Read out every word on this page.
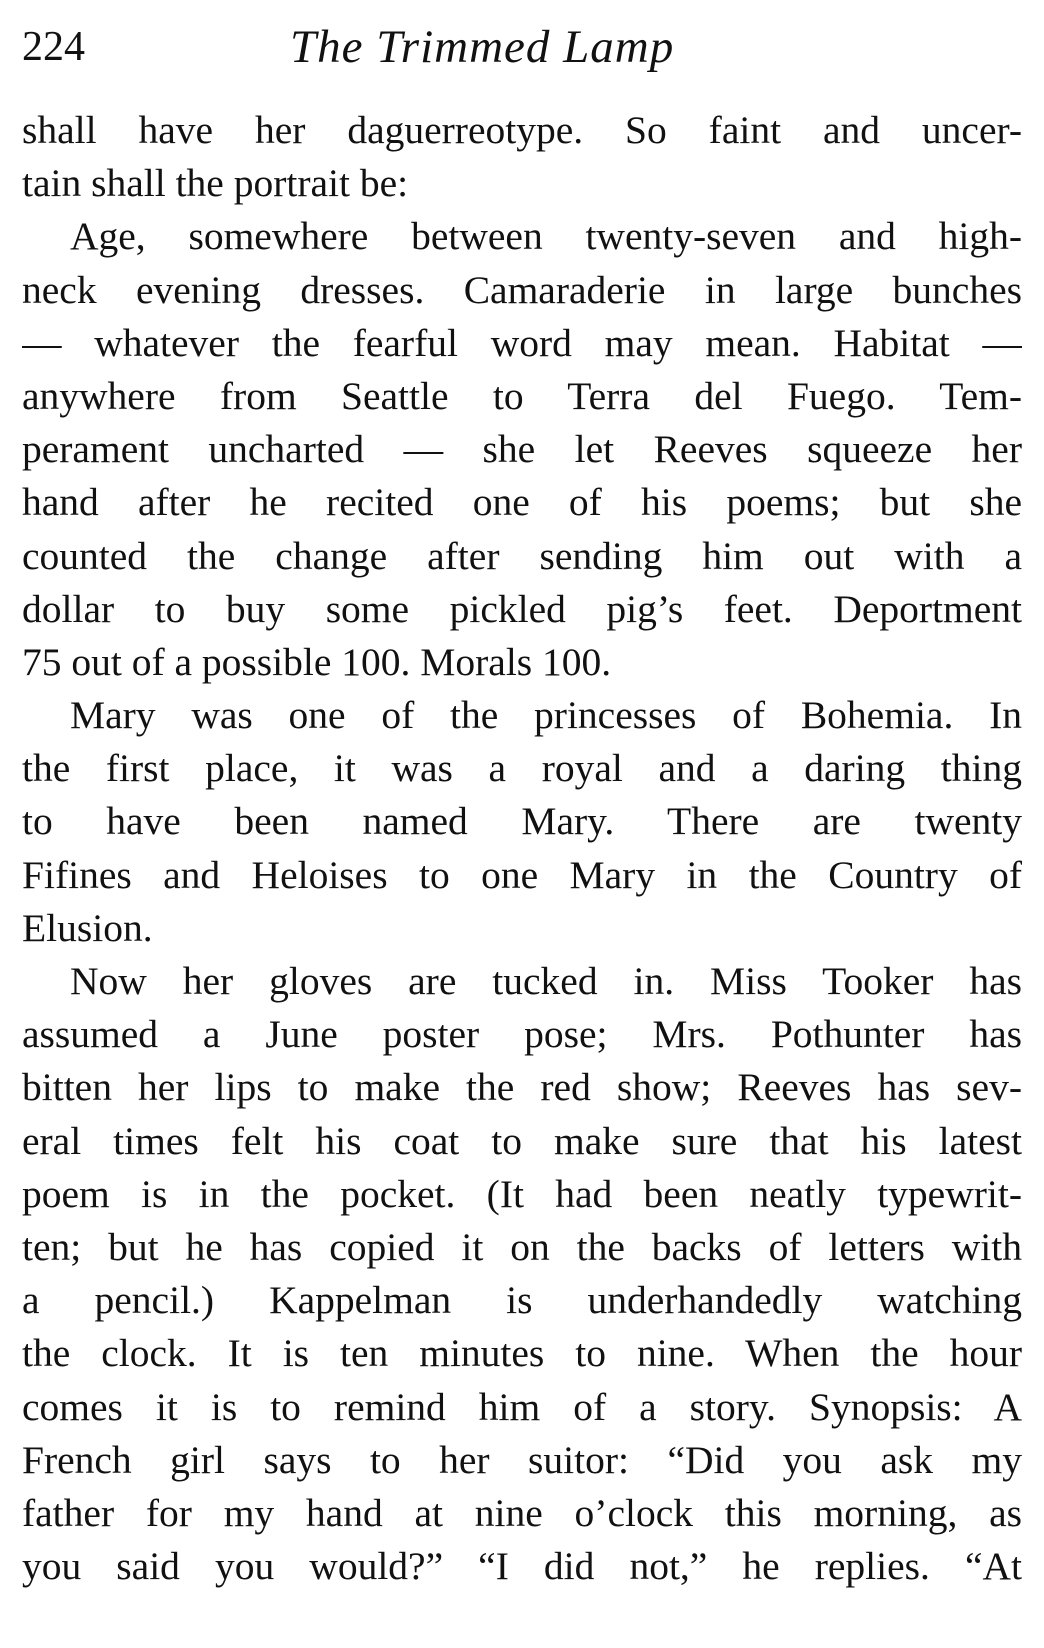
224	The Trimmed Lamp
shall have her daguerreotype. So faint and uncer-
tain shall the portrait be:
Age, somewhere between twenty-seven and high-
neck evening dresses. Camaraderie in large bunches
— whatever the fearful word may mean. Habitat —
anywhere from Seattle to Terra del Fuego. Tem-
perament uncharted — she let Reeves squeeze her
hand after he recited one of his poems; but she
counted the change after sending him out with a
dollar to buy some pickled pig’s feet. Deportment
75 out of a possible 100. Morals 100.
Mary was one of the princesses of Bohemia. In
the first place, it was a royal and a daring thing
to have been named Mary. There are twenty
Fifines and Heloises to one Mary in the Country of
Elusion.
Now her gloves are tucked in. Miss Tooker has
assumed a June poster pose; Mrs. Pothunter has
bitten her lips to make the red show; Reeves has sev-
eral times felt his coat to make sure that his latest
poem is in the pocket. (It had been neatly typewrit-
ten; but he has copied it on the backs of letters with
a pencil.) Kappelman is underhandedly watching
the clock. It is ten minutes to nine. When the hour
comes it is to remind him of a story. Synopsis: A
French girl says to her suitor: “Did you ask my
father for my hand at nine o’clock this morning, as
you said you would?” “I did not,” he replies. “At
